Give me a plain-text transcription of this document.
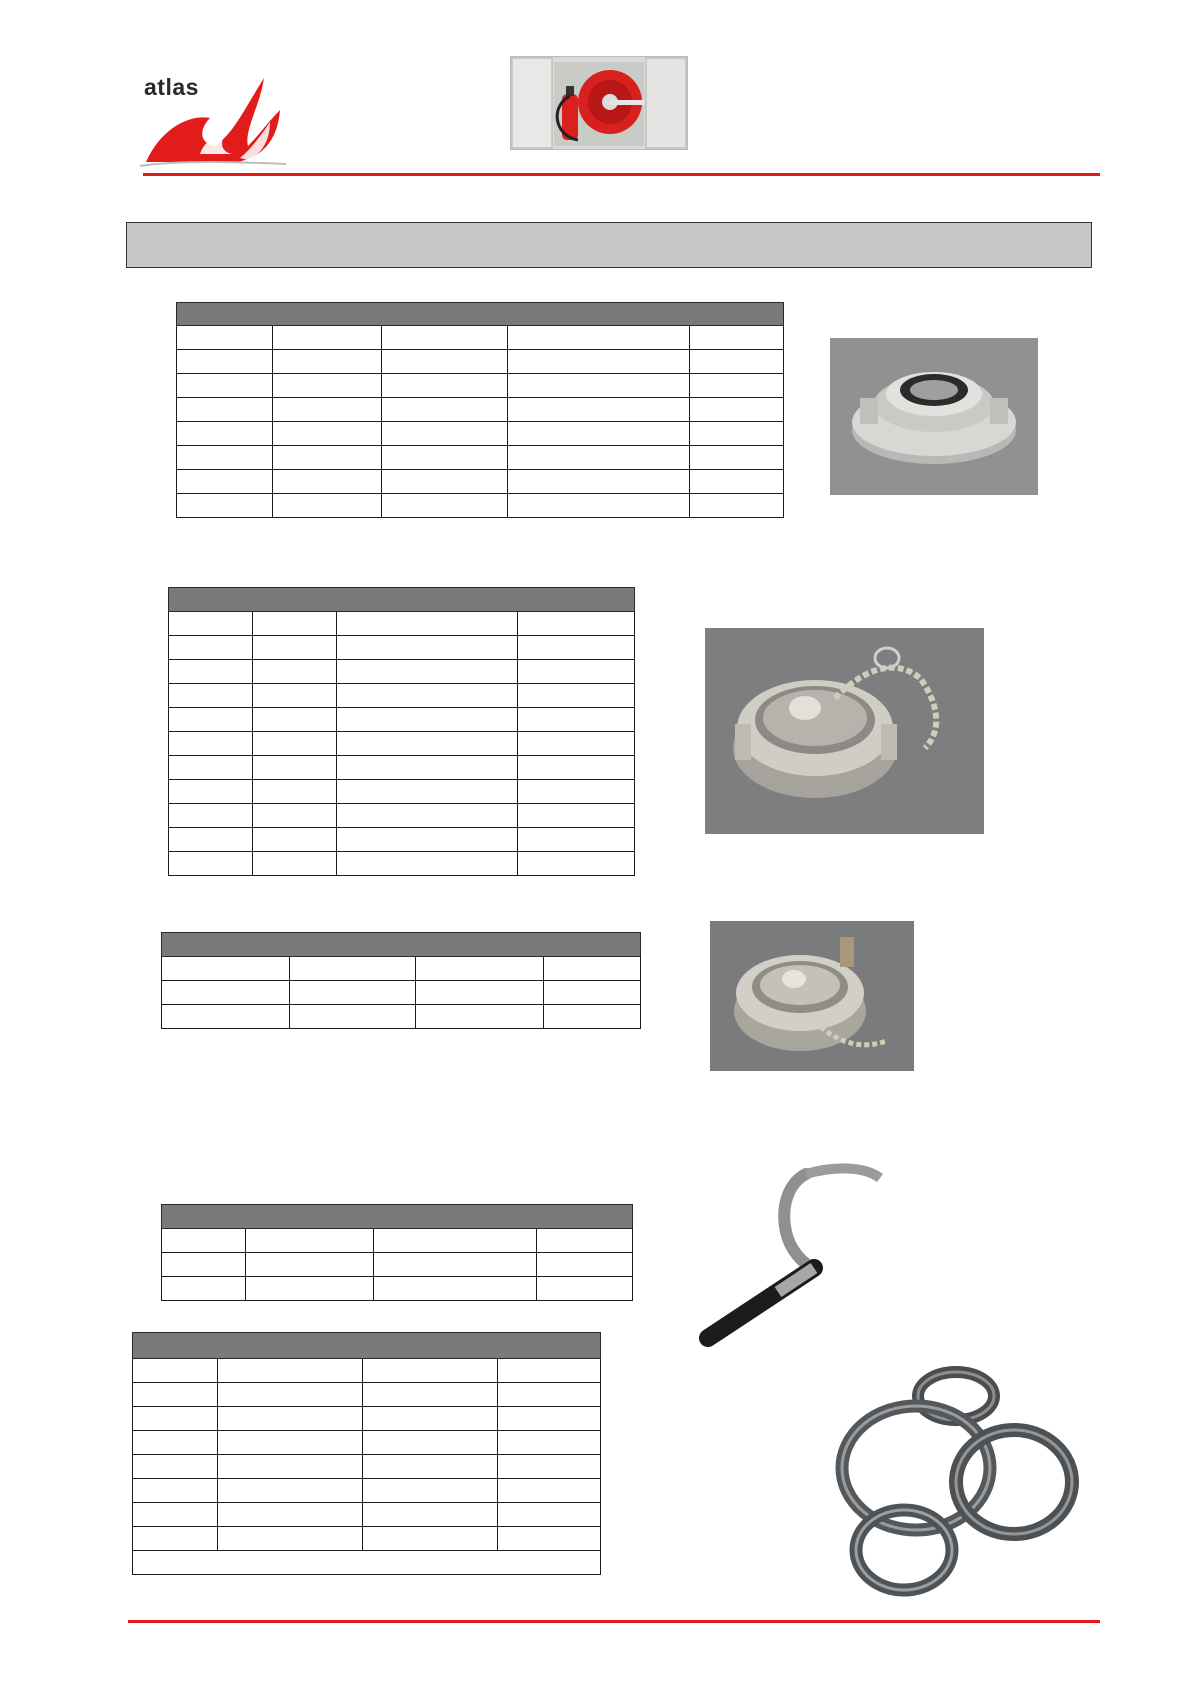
atlas
